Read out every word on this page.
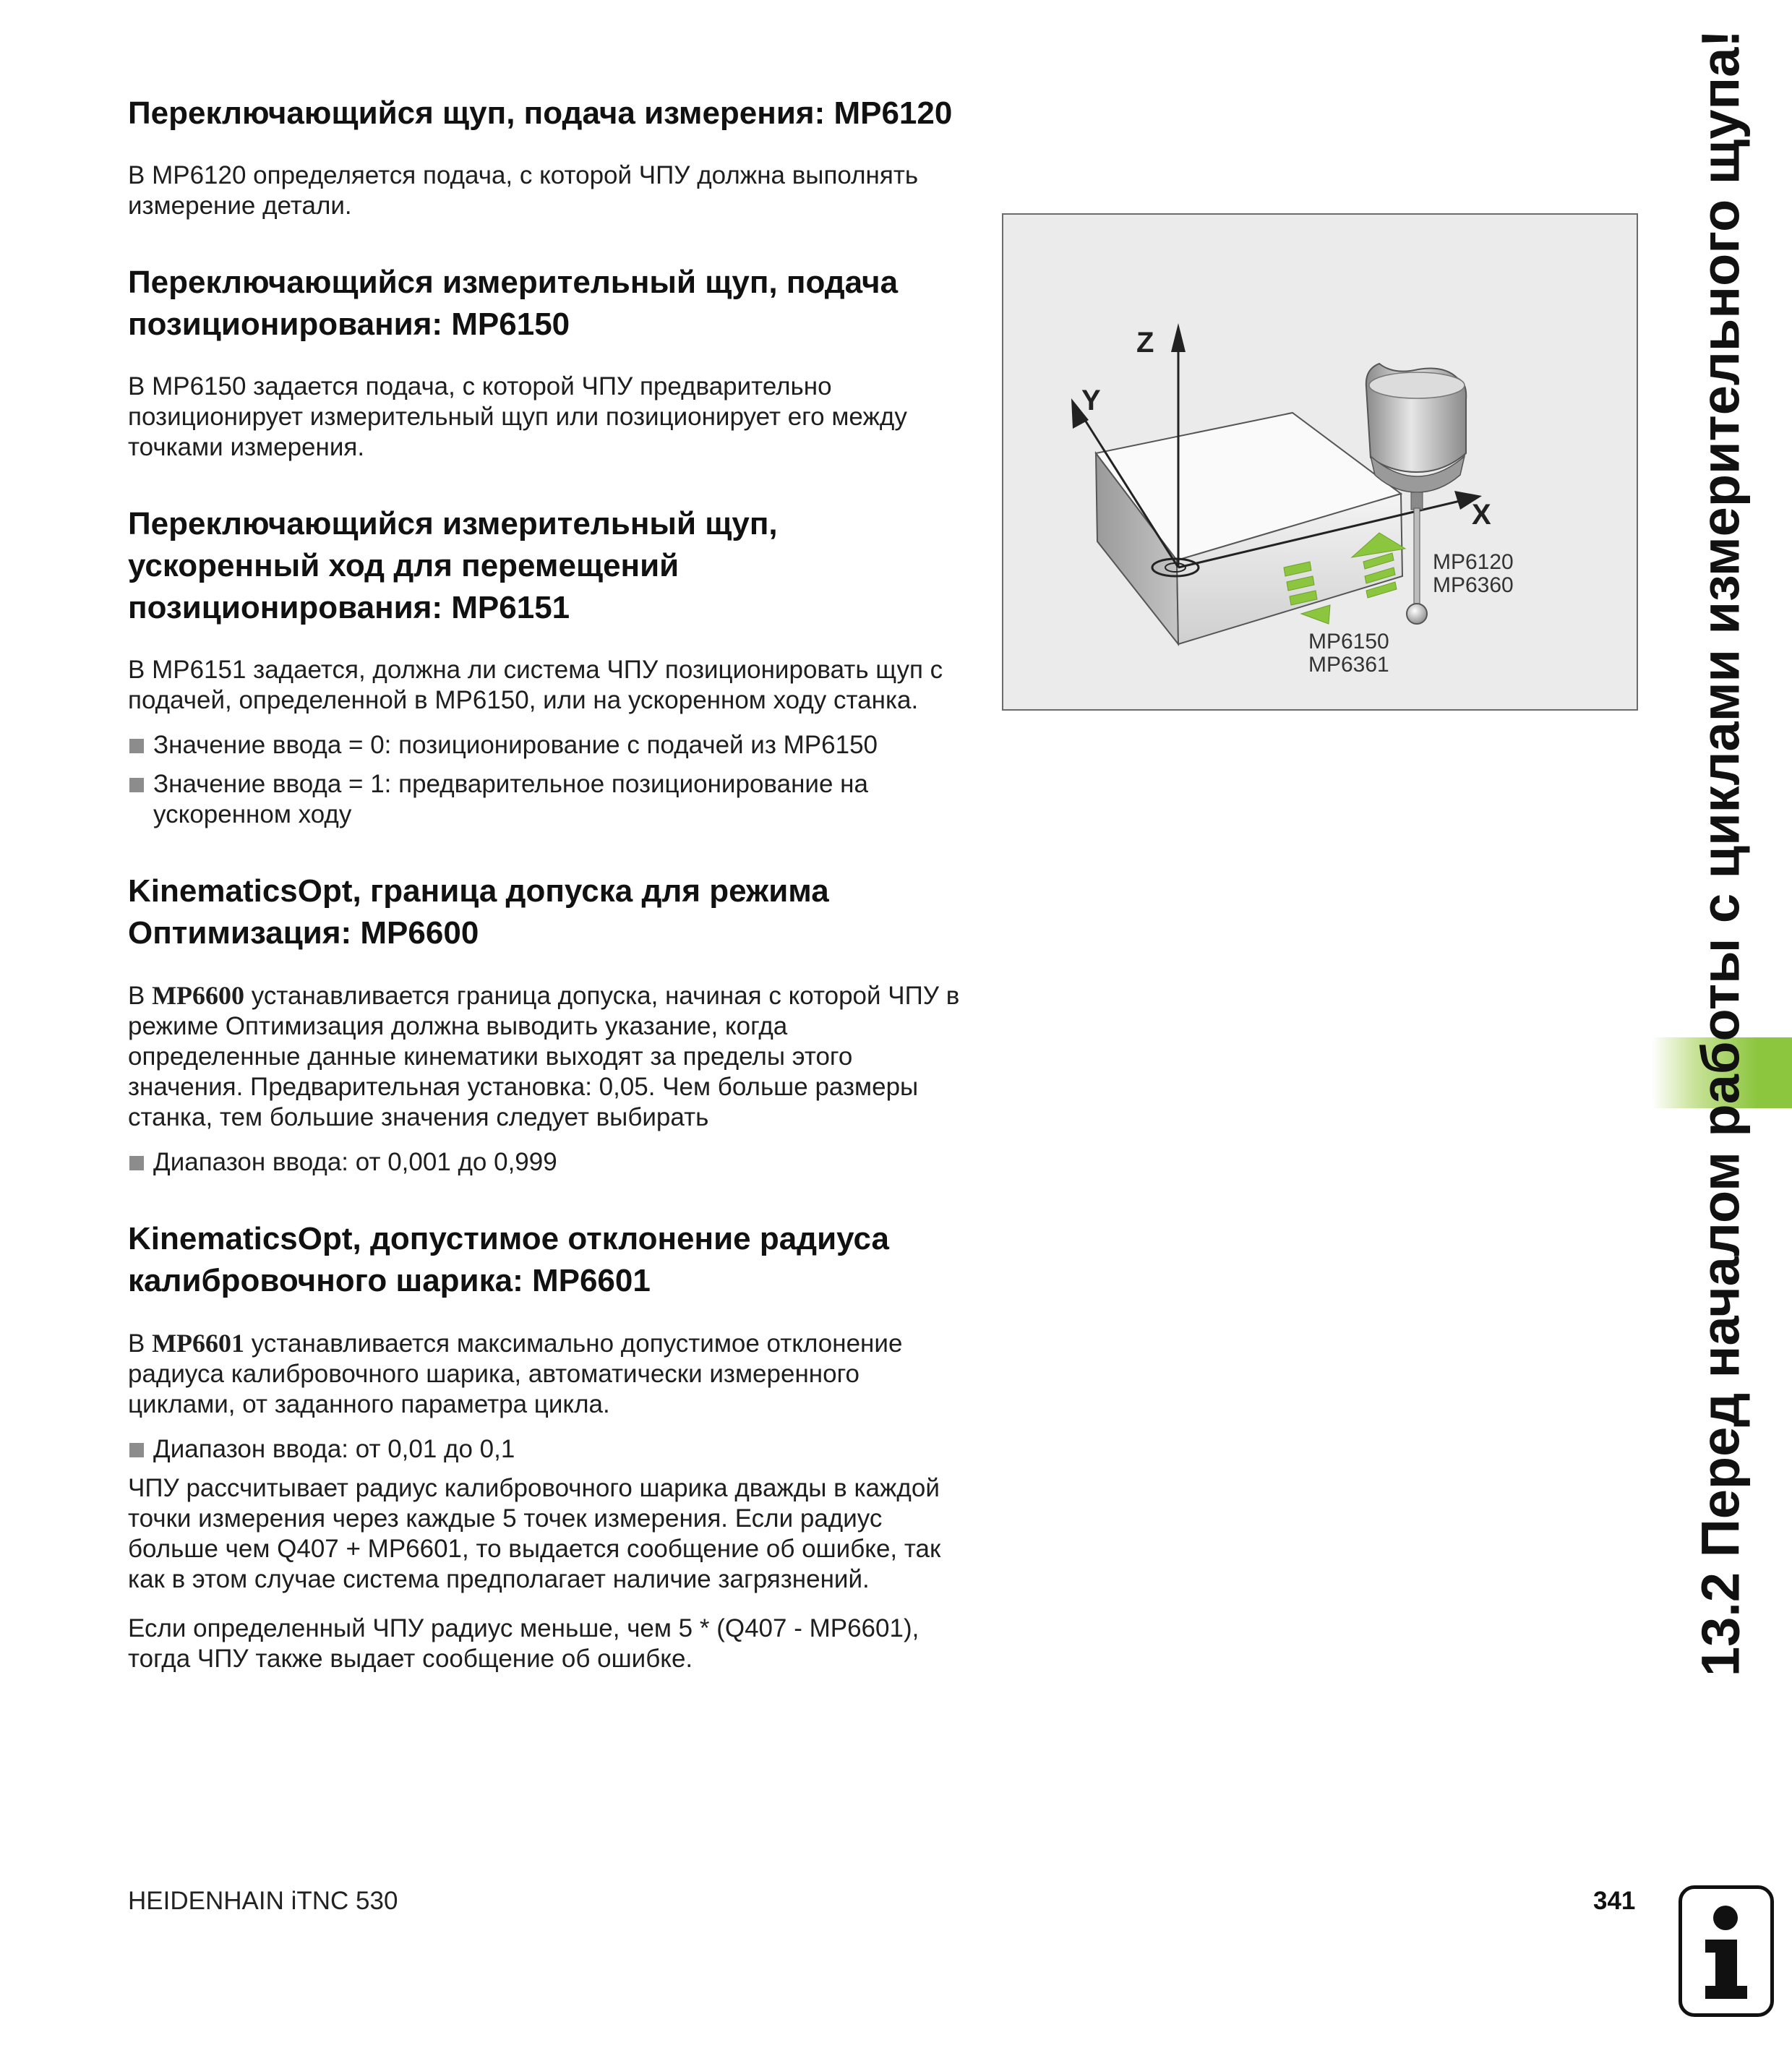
Переключающийся щуп, подача измерения: MP6120

В MP6120 определяется подача, с которой ЧПУ должна выполнять измерение детали.

Переключающийся измерительный щуп, подача позиционирования: MP6150

В MP6150 задается подача, с которой ЧПУ предварительно позиционирует измерительный щуп или позиционирует его между точками измерения.

Переключающийся измерительный щуп, ускоренный ход для перемещений позиционирования: MP6151

В MP6151 задается, должна ли система ЧПУ позиционировать щуп с подачей, определенной в MP6150, или на ускоренном ходу станка.

Значение ввода = 0: позиционирование с подачей из MP6150
Значение ввода = 1: предварительное позиционирование на ускоренном ходу
KinematicsOpt, граница допуска для режима Оптимизация: MP6600

В MP6600 устанавливается граница допуска, начиная с которой ЧПУ в режиме Оптимизация должна выводить указание, когда определенные данные кинематики выходят за пределы этого значения. Предварительная установка: 0,05. Чем больше размеры станка, тем большие значения следует выбирать

Диапазон ввода: от 0,001 до 0,999
KinematicsOpt, допустимое отклонение радиуса калибровочного шарика: MP6601

В MP6601 устанавливается максимально допустимое отклонение радиуса калибровочного шарика, автоматически измеренного циклами, от заданного параметра цикла.

Диапазон ввода: от 0,01 до 0,1

ЧПУ рассчитывает радиус калибровочного шарика дважды в каждой точки измерения через каждые 5 точек измерения. Если радиус больше чем Q407 + MP6601, то выдается сообщение об ошибке, так как в этом случае система предполагает наличие загрязнений.

Если определенный ЧПУ радиус меньше, чем 5 * (Q407 - MP6601), тогда ЧПУ также выдает сообщение об ошибке.

Z
Y
X
MP6120
MP6360
MP6150
MP6361	13.2 Перед началом работы с циклами измерительного щупа!
HEIDENHAIN iTNC 530	341
